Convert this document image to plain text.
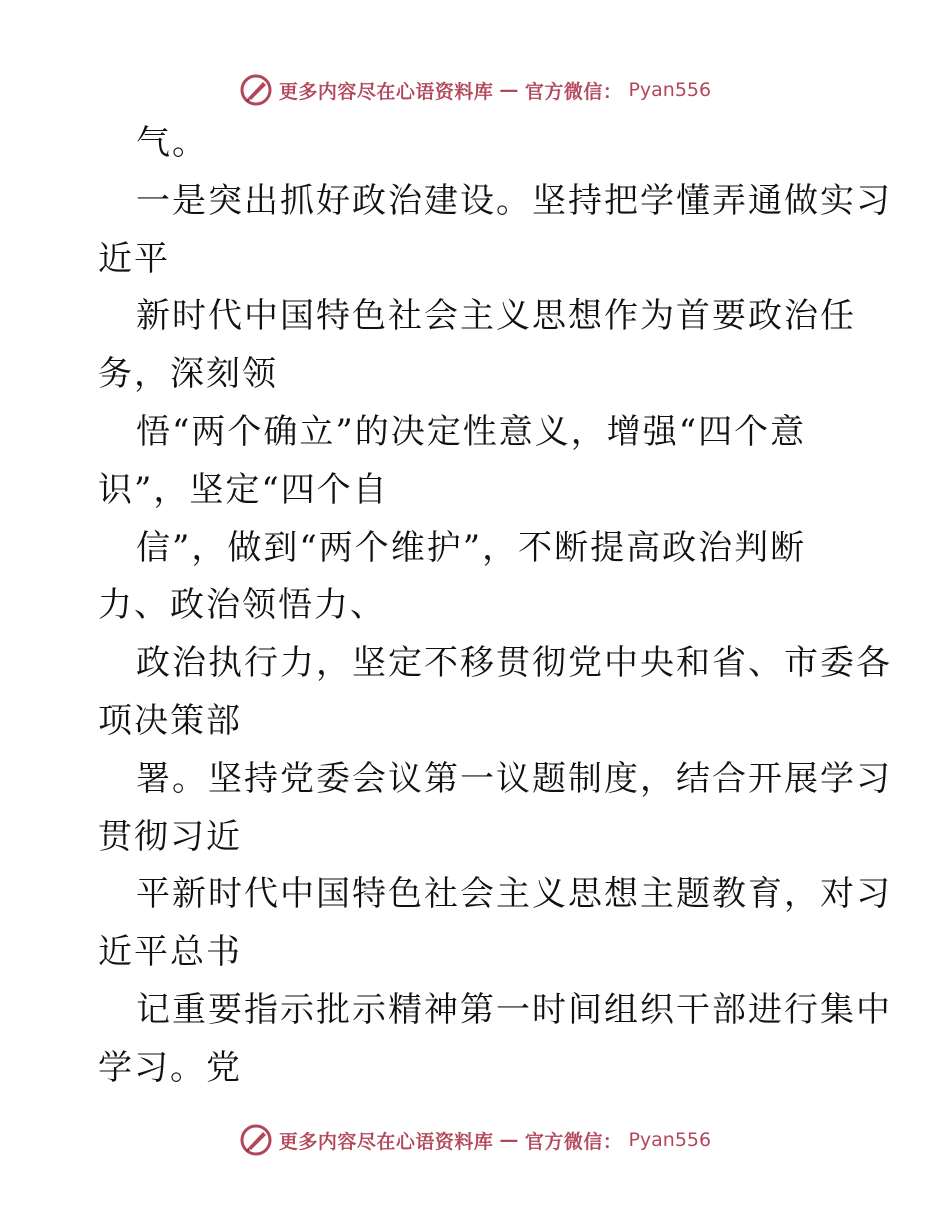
更多内容尽在心语资料库 — 官方微信： Pyan556
气。
一是突出抓好政治建设。坚持把学懂弄通做实习
近平
新时代中国特色社会主义思想作为首要政治任
务，深刻领
悟“两个确立”的决定性意义，增强“四个意
识”，坚定“四个自
信”，做到“两个维护”，不断提高政治判断
力、政治领悟力、
政治执行力，坚定不移贯彻党中央和省、市委各
项决策部
署。坚持党委会议第一议题制度，结合开展学习
贯彻习近
平新时代中国特色社会主义思想主题教育，对习
近平总书
记重要指示批示精神第一时间组织干部进行集中
学习。党
更多内容尽在心语资料库 — 官方微信： Pyan556
